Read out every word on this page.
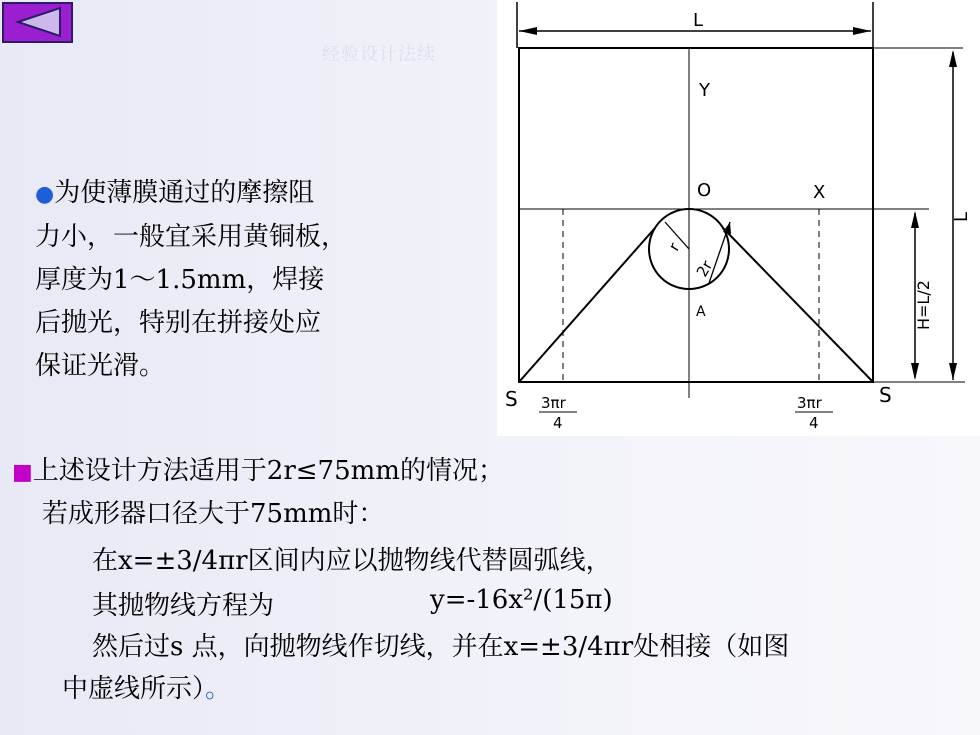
经验设计法续
●为使薄膜通过的摩擦阻
力小，一般宜采用黄铜板，
厚度为1～1.5mm，焊接
后抛光，特别在拼接处应
保证光滑。
L
Y
O	X
A
r
2r
H=L/2
L
S	S
3πr
4
3πr
4
■上述设计方法适用于2r≤75mm的情况；
若成形器口径大于75mm时：
在x=±3/4πr区间内应以抛物线代替圆弧线，
其抛物线方程为	y=-16x²/(15π)
然后过s 点，向抛物线作切线，并在x=±3/4πr处相接（如图
中虚线所示）。
